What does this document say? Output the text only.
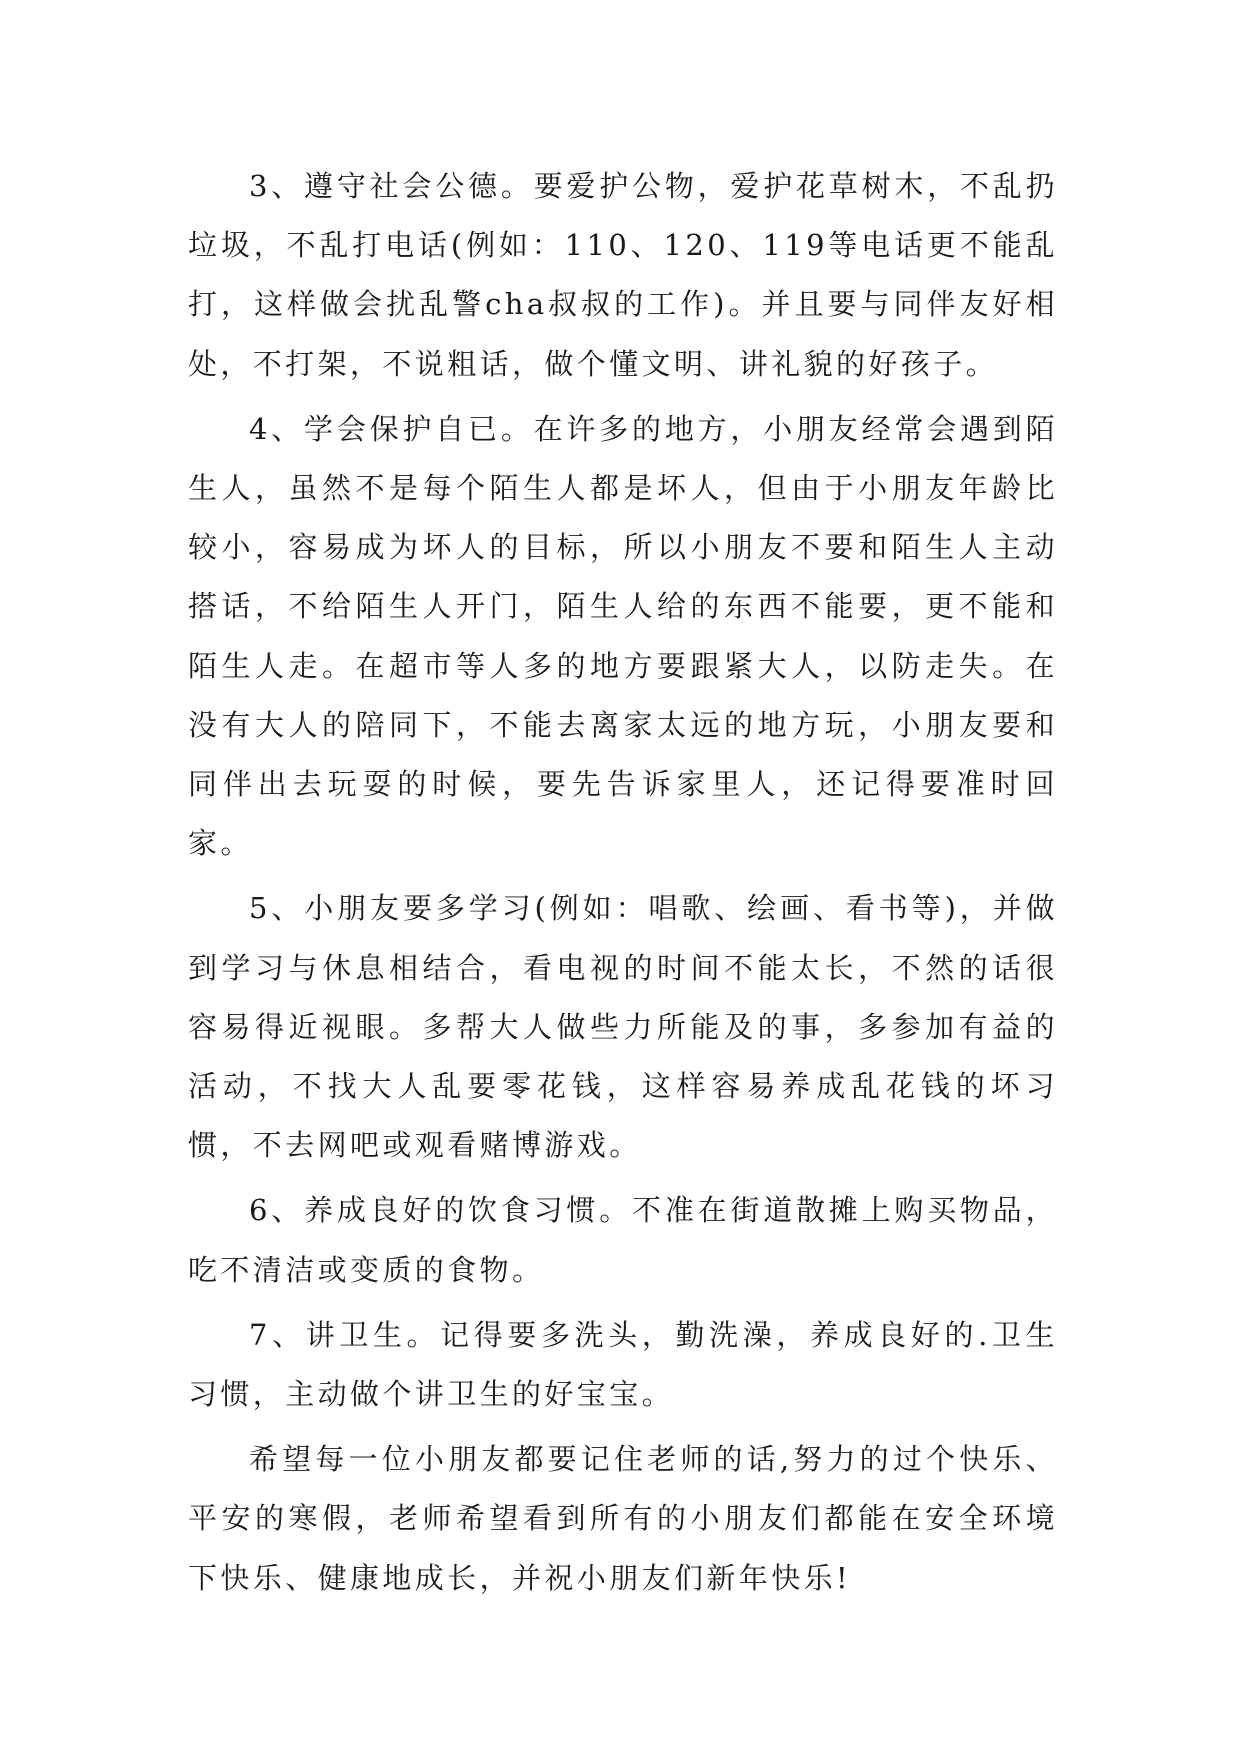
3、遵守社会公德。要爱护公物，爱护花草树木，不乱扔垃圾，不乱打电话(例如：110、120、119等电话更不能乱打，这样做会扰乱警cha叔叔的工作)。并且要与同伴友好相处，不打架，不说粗话，做个懂文明、讲礼貌的好孩子。

4、学会保护自已。在许多的地方，小朋友经常会遇到陌生人，虽然不是每个陌生人都是坏人，但由于小朋友年龄比较小，容易成为坏人的目标，所以小朋友不要和陌生人主动搭话，不给陌生人开门，陌生人给的东西不能要，更不能和陌生人走。在超市等人多的地方要跟紧大人，以防走失。在没有大人的陪同下，不能去离家太远的地方玩，小朋友要和同伴出去玩耍的时候，要先告诉家里人，还记得要准时回家。

5、小朋友要多学习(例如：唱歌、绘画、看书等)，并做到学习与休息相结合，看电视的时间不能太长，不然的话很容易得近视眼。多帮大人做些力所能及的事，多参加有益的活动，不找大人乱要零花钱，这样容易养成乱花钱的坏习惯，不去网吧或观看赌博游戏。

6、养成良好的饮食习惯。不准在街道散摊上购买物品，吃不清洁或变质的食物。

7、讲卫生。记得要多洗头，勤洗澡，养成良好的.卫生习惯，主动做个讲卫生的好宝宝。

希望每一位小朋友都要记住老师的话,努力的过个快乐、平安的寒假，老师希望看到所有的小朋友们都能在安全环境下快乐、健康地成长，并祝小朋友们新年快乐!
